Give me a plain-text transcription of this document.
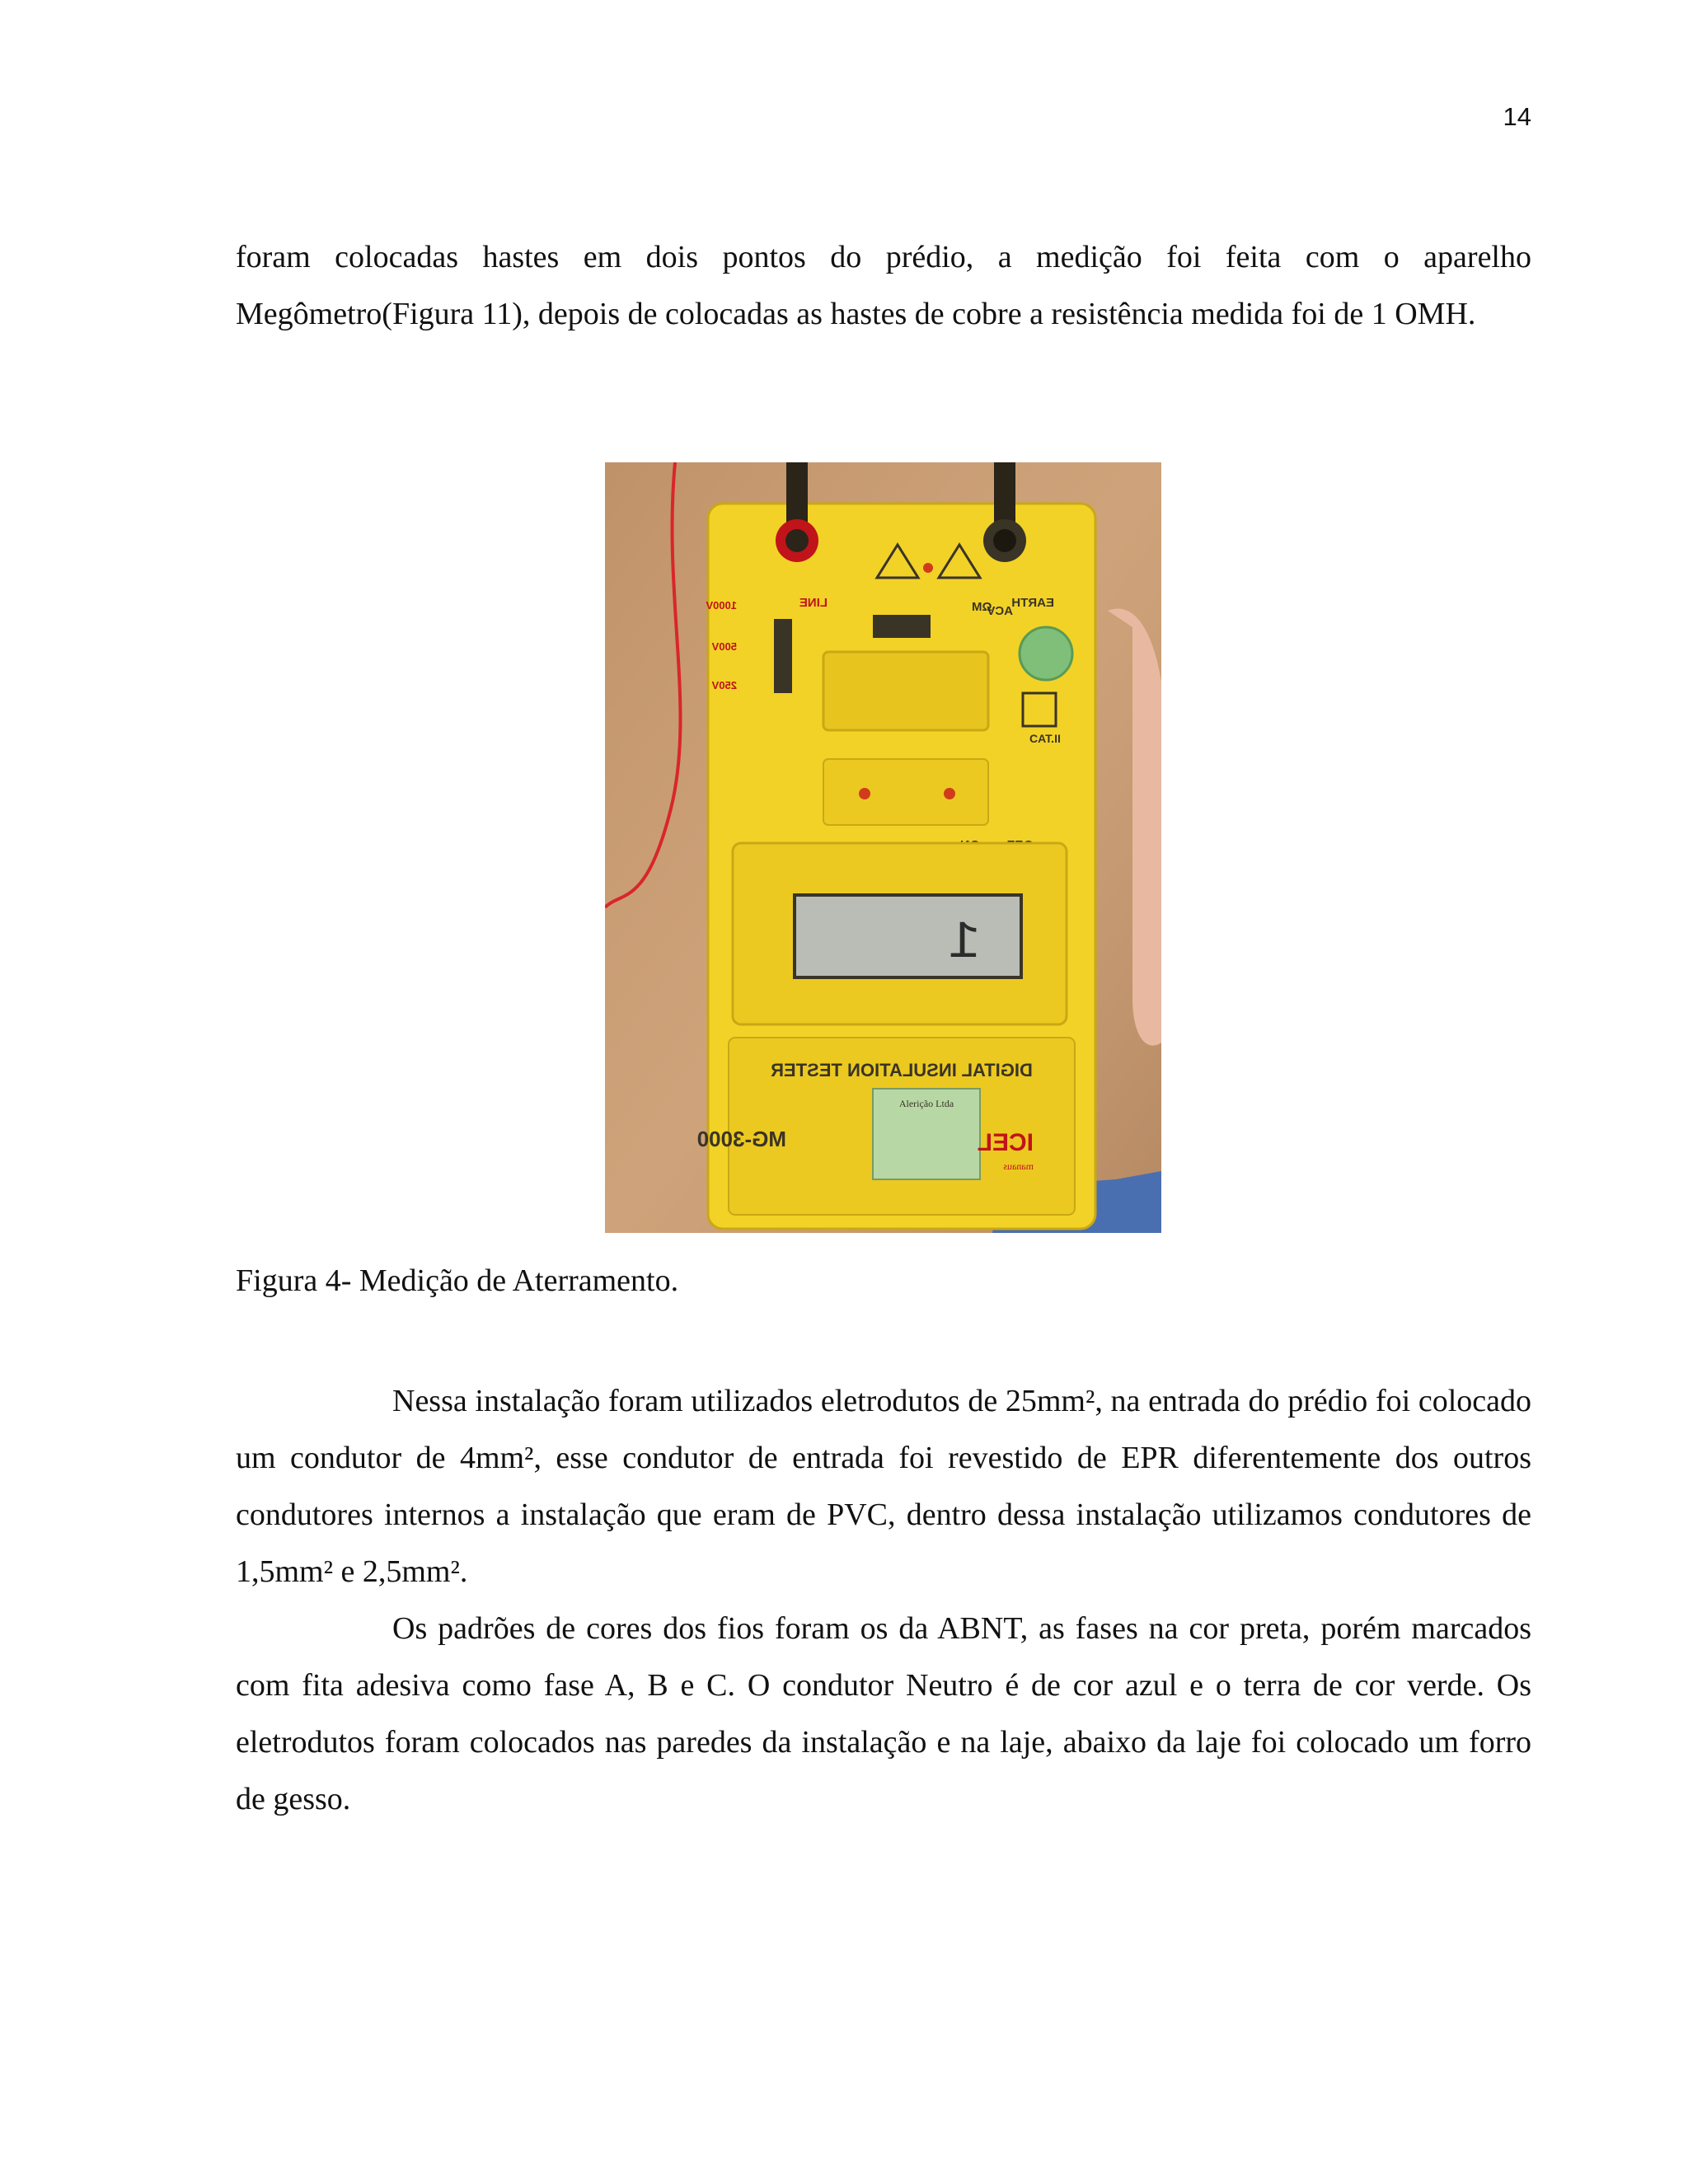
14

foram colocadas hastes em dois pontos do prédio, a medição foi feita com o aparelho Megômetro(Figura 11), depois de colocadas as hastes de cobre a resistência medida foi de 1 OMH.

LINE	EARTH
MΩ
ACV
1000V
500V
250V
CAT.II
1
DIGITAL INSULATION TESTER
MG-3000
Alerição Ltda
ICEL
manaus

Figura 4- Medição de Aterramento.

Nessa instalação foram utilizados eletrodutos de 25mm², na entrada do prédio foi colocado um condutor de 4mm², esse condutor de entrada foi revestido de EPR diferentemente dos outros condutores internos a instalação que eram de PVC, dentro dessa instalação utilizamos condutores de 1,5mm² e 2,5mm².

Os padrões de cores dos fios foram os da ABNT, as fases na cor preta, porém marcados com fita adesiva como fase A, B e C. O condutor Neutro é de cor azul e o terra de cor verde. Os eletrodutos foram colocados nas paredes da instalação e na laje, abaixo da laje foi colocado um forro de gesso.
